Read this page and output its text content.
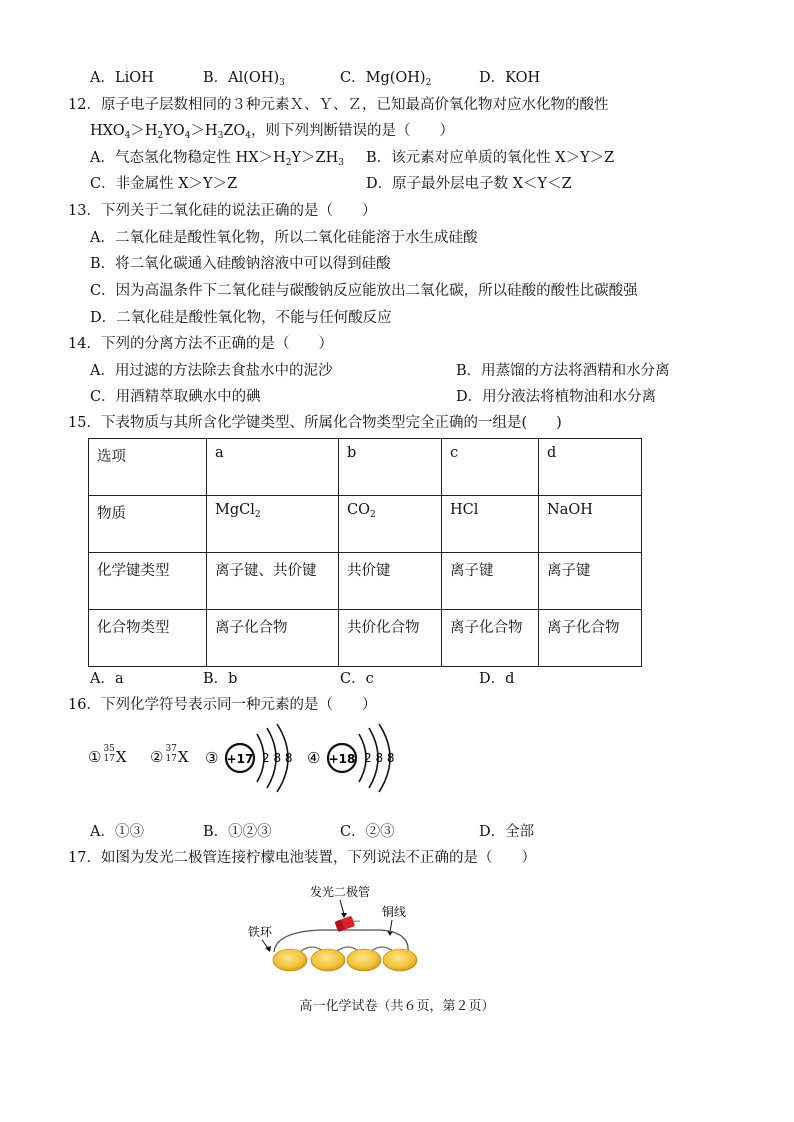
A．LiOH	B．$Al(OH)_3$	C．$Mg(OH)_2$	D．KOH
12．原子电子层数相同的３种元素Ｘ、Ｙ、Ｚ，已知最高价氧化物对应水化物的酸性
$HXO_4>H_2YO_4>H_3ZO_4$，则下列判断错误的是（　　）
A．气态氢化物稳定性 $HX>H_2Y>ZH_3$ B．该元素对应单质的氧化性 X＞Y＞Z
C．非金属性 X＞Y＞Z	D．原子最外层电子数 X＜Y＜Z
13．下列关于二氧化硅的说法正确的是（　　）
A．二氧化硅是酸性氧化物，所以二氧化硅能溶于水生成硅酸
B．将二氧化碳通入硅酸钠溶液中可以得到硅酸
C．因为高温条件下二氧化硅与碳酸钠反应能放出二氧化碳，所以硅酸的酸性比碳酸强
D．二氧化硅是酸性氧化物，不能与任何酸反应
14．下列的分离方法不正确的是（　　）
A．用过滤的方法除去食盐水中的泥沙	B．用蒸馏的方法将酒精和水分离
C．用酒精萃取碘水中的碘	D．用分液法将植物油和水分离
15．下表物质与其所含化学键类型、所属化合物类型完全正确的一组是(　　)
选项	a	b	c	d
物质	MgCl$_2$	$CO_2$	HCl	NaOH
化学键类型	离子键、共价键	共价键	离子键	离子键
化合物类型	离子化合物	共价化合物	离子化合物	离子化合物
A．a	B．b	C．c	D．d
16．下列化学符号表示同一种元素的是（　　）
① 35
17X ② 37
17X ③ +17 2 8 8 ④ +18 2 8 8
A．①③	B．①②③	C．②③	D．全部
17．如图为发光二极管连接柠檬电池装置，下列说法不正确的是（　　）
发光二极管
铜线
铁环
高一化学试卷（共６页，第２页）
